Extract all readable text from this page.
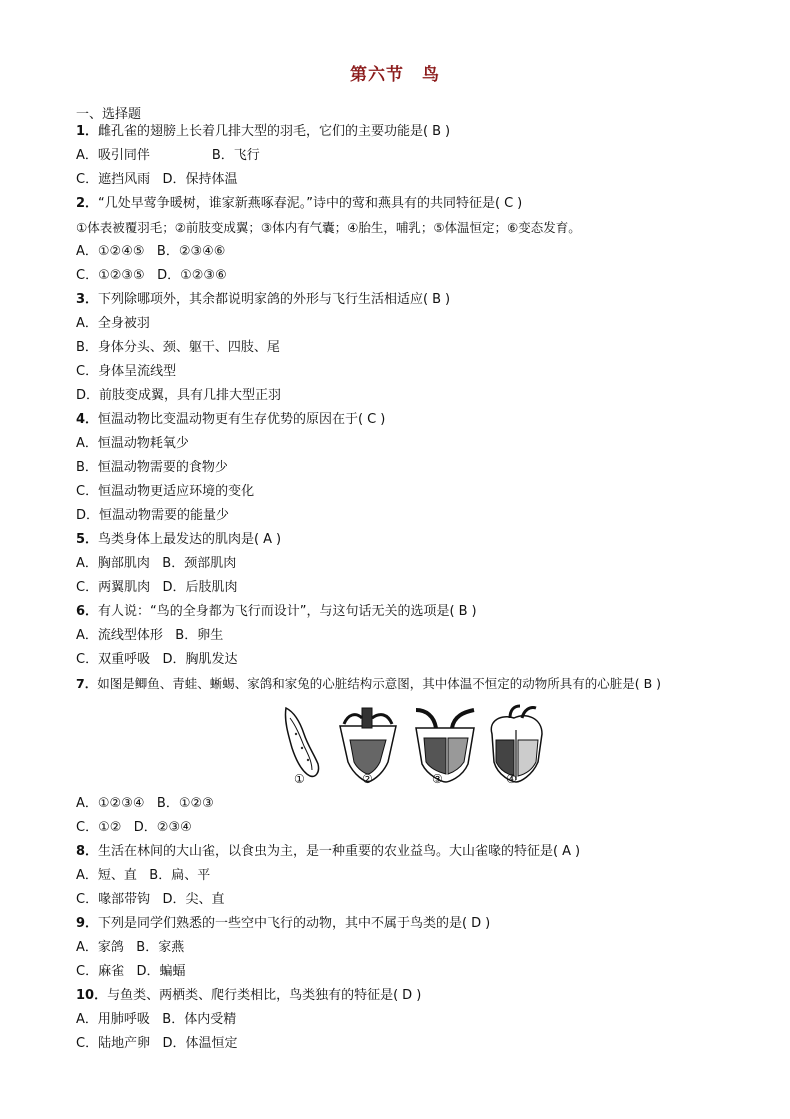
第六节　鸟
一、选择题
1．雌孔雀的翅膀上长着几排大型的羽毛，它们的主要功能是( B )
A．吸引同伴               B．飞行
C．遮挡风雨   D．保持体温
2．“几处早莺争暖树，谁家新燕啄春泥。”诗中的莺和燕具有的共同特征是( C )
①体表被覆羽毛；②前肢变成翼；③体内有气囊；④胎生，哺乳；⑤体温恒定；⑥变态发育。
A．①②④⑤   B．②③④⑥
C．①②③⑤   D．①②③⑥
3．下列除哪项外，其余都说明家鸽的外形与飞行生活相适应( B )
A．全身被羽
B．身体分头、颈、躯干、四肢、尾
C．身体呈流线型
D．前肢变成翼，具有几排大型正羽
4．恒温动物比变温动物更有生存优势的原因在于( C )
A．恒温动物耗氧少
B．恒温动物需要的食物少
C．恒温动物更适应环境的变化
D．恒温动物需要的能量少
5．鸟类身体上最发达的肌肉是( A )
A．胸部肌肉   B．颈部肌肉
C．两翼肌肉   D．后肢肌肉
6．有人说：“鸟的全身都为飞行而设计”，与这句话无关的选项是( B )
A．流线型体形   B．卵生
C．双重呼吸   D．胸肌发达
7．如图是鲫鱼、青蛙、蜥蜴、家鸽和家兔的心脏结构示意图，其中体温不恒定的动物所具有的心脏是( B )
①	②	③	④
A．①②③④   B．①②③
C．①②   D．②③④
8．生活在林间的大山雀，以食虫为主，是一种重要的农业益鸟。大山雀喙的特征是( A )
A．短、直   B．扁、平
C．喙部带钩   D．尖、直
9．下列是同学们熟悉的一些空中飞行的动物，其中不属于鸟类的是( D )
A．家鸽   B．家燕
C．麻雀   D．蝙蝠
10．与鱼类、两栖类、爬行类相比，鸟类独有的特征是( D )
A．用肺呼吸   B．体内受精
C．陆地产卵   D．体温恒定
